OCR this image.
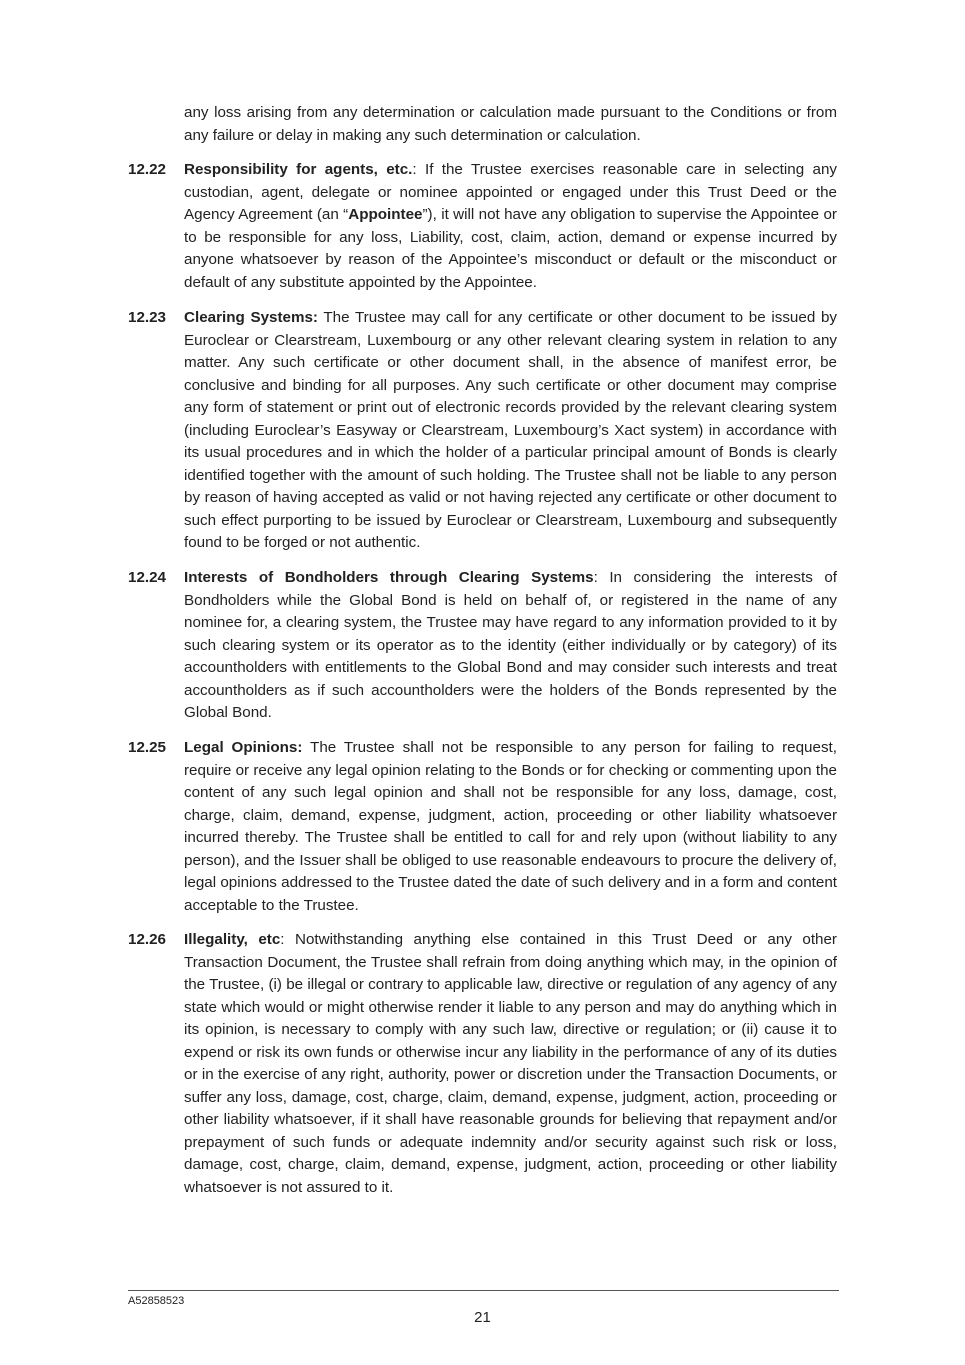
any loss arising from any determination or calculation made pursuant to the Conditions or from any failure or delay in making any such determination or calculation.

12.22 Responsibility for agents, etc.: If the Trustee exercises reasonable care in selecting any custodian, agent, delegate or nominee appointed or engaged under this Trust Deed or the Agency Agreement (an “Appointee”), it will not have any obligation to supervise the Appointee or to be responsible for any loss, Liability, cost, claim, action, demand or expense incurred by anyone whatsoever by reason of the Appointee’s misconduct or default or the misconduct or default of any substitute appointed by the Appointee.

12.23 Clearing Systems: The Trustee may call for any certificate or other document to be issued by Euroclear or Clearstream, Luxembourg or any other relevant clearing system in relation to any matter. Any such certificate or other document shall, in the absence of manifest error, be conclusive and binding for all purposes. Any such certificate or other document may comprise any form of statement or print out of electronic records provided by the relevant clearing system (including Euroclear’s Easyway or Clearstream, Luxembourg’s Xact system) in accordance with its usual procedures and in which the holder of a particular principal amount of Bonds is clearly identified together with the amount of such holding. The Trustee shall not be liable to any person by reason of having accepted as valid or not having rejected any certificate or other document to such effect purporting to be issued by Euroclear or Clearstream, Luxembourg and subsequently found to be forged or not authentic.

12.24 Interests of Bondholders through Clearing Systems: In considering the interests of Bondholders while the Global Bond is held on behalf of, or registered in the name of any nominee for, a clearing system, the Trustee may have regard to any information provided to it by such clearing system or its operator as to the identity (either individually or by category) of its accountholders with entitlements to the Global Bond and may consider such interests and treat accountholders as if such accountholders were the holders of the Bonds represented by the Global Bond.

12.25 Legal Opinions: The Trustee shall not be responsible to any person for failing to request, require or receive any legal opinion relating to the Bonds or for checking or commenting upon the content of any such legal opinion and shall not be responsible for any loss, damage, cost, charge, claim, demand, expense, judgment, action, proceeding or other liability whatsoever incurred thereby. The Trustee shall be entitled to call for and rely upon (without liability to any person), and the Issuer shall be obliged to use reasonable endeavours to procure the delivery of, legal opinions addressed to the Trustee dated the date of such delivery and in a form and content acceptable to the Trustee.

12.26 Illegality, etc: Notwithstanding anything else contained in this Trust Deed or any other Transaction Document, the Trustee shall refrain from doing anything which may, in the opinion of the Trustee, (i) be illegal or contrary to applicable law, directive or regulation of any agency of any state which would or might otherwise render it liable to any person and may do anything which in its opinion, is necessary to comply with any such law, directive or regulation; or (ii) cause it to expend or risk its own funds or otherwise incur any liability in the performance of any of its duties or in the exercise of any right, authority, power or discretion under the Transaction Documents, or suffer any loss, damage, cost, charge, claim, demand, expense, judgment, action, proceeding or other liability whatsoever, if it shall have reasonable grounds for believing that repayment and/or prepayment of such funds or adequate indemnity and/or security against such risk or loss, damage, cost, charge, claim, demand, expense, judgment, action, proceeding or other liability whatsoever is not assured to it.

A52858523
21
